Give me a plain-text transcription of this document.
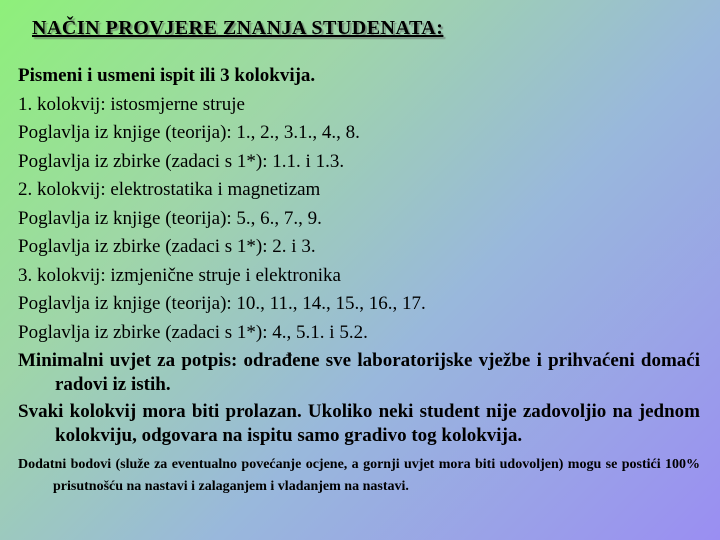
NAČIN PROVJERE ZNANJA STUDENATA:
Pismeni i usmeni ispit ili 3 kolokvija.
1. kolokvij: istosmjerne struje
Poglavlja iz knjige (teorija): 1., 2., 3.1., 4., 8.
Poglavlja iz zbirke (zadaci s 1*): 1.1. i 1.3.
2. kolokvij: elektrostatika i magnetizam
Poglavlja iz knjige (teorija): 5., 6., 7., 9.
Poglavlja iz zbirke (zadaci s 1*): 2. i 3.
3. kolokvij: izmjenične struje i elektronika
Poglavlja iz knjige (teorija): 10., 11., 14., 15., 16., 17.
Poglavlja iz zbirke (zadaci s 1*): 4., 5.1. i 5.2.
Minimalni uvjet za potpis: odrađene sve laboratorijske vježbe i prihvaćeni domaći radovi iz istih.
Svaki kolokvij mora biti prolazan. Ukoliko neki student nije zadovoljio na jednom kolokviju, odgovara na ispitu samo gradivo tog kolokvija.
Dodatni bodovi (služe za eventualno povećanje ocjene, a gornji uvjet mora biti udovoljen) mogu se postići 100% prisutnošću na nastavi i zalaganjem i vladanjem na nastavi.
